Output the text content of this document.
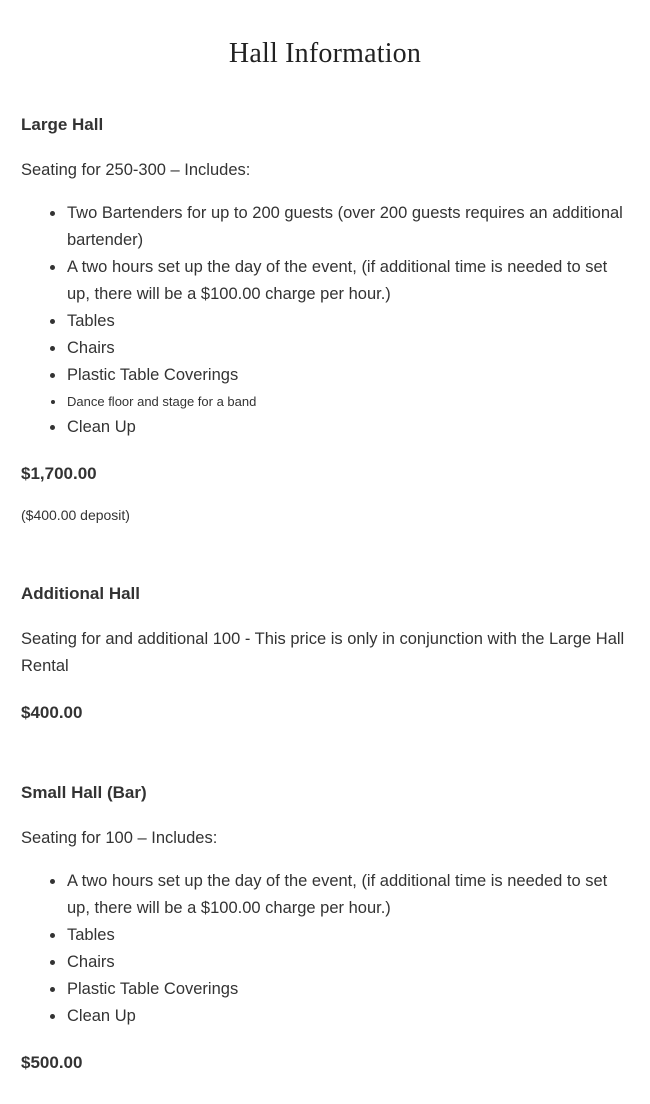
Hall Information
Large Hall

Seating for 250-300 – Includes:

• Two Bartenders for up to 200 guests (over 200 guests requires an additional bartender)
• A two hours set up the day of the event, (if additional time is needed to set up, there will be a $100.00 charge per hour.)
• Tables
• Chairs
• Plastic Table Coverings
• Dance floor and stage for a band
• Clean Up

$1,700.00

($400.00 deposit)

Additional Hall

Seating for and additional 100 - This price is only in conjunction with the Large Hall Rental

$400.00

Small Hall (Bar)

Seating for 100 – Includes:

• A two hours set up the day of the event, (if additional time is needed to set up, there will be a $100.00 charge per hour.)
• Tables
• Chairs
• Plastic Table Coverings
• Clean Up

$500.00
